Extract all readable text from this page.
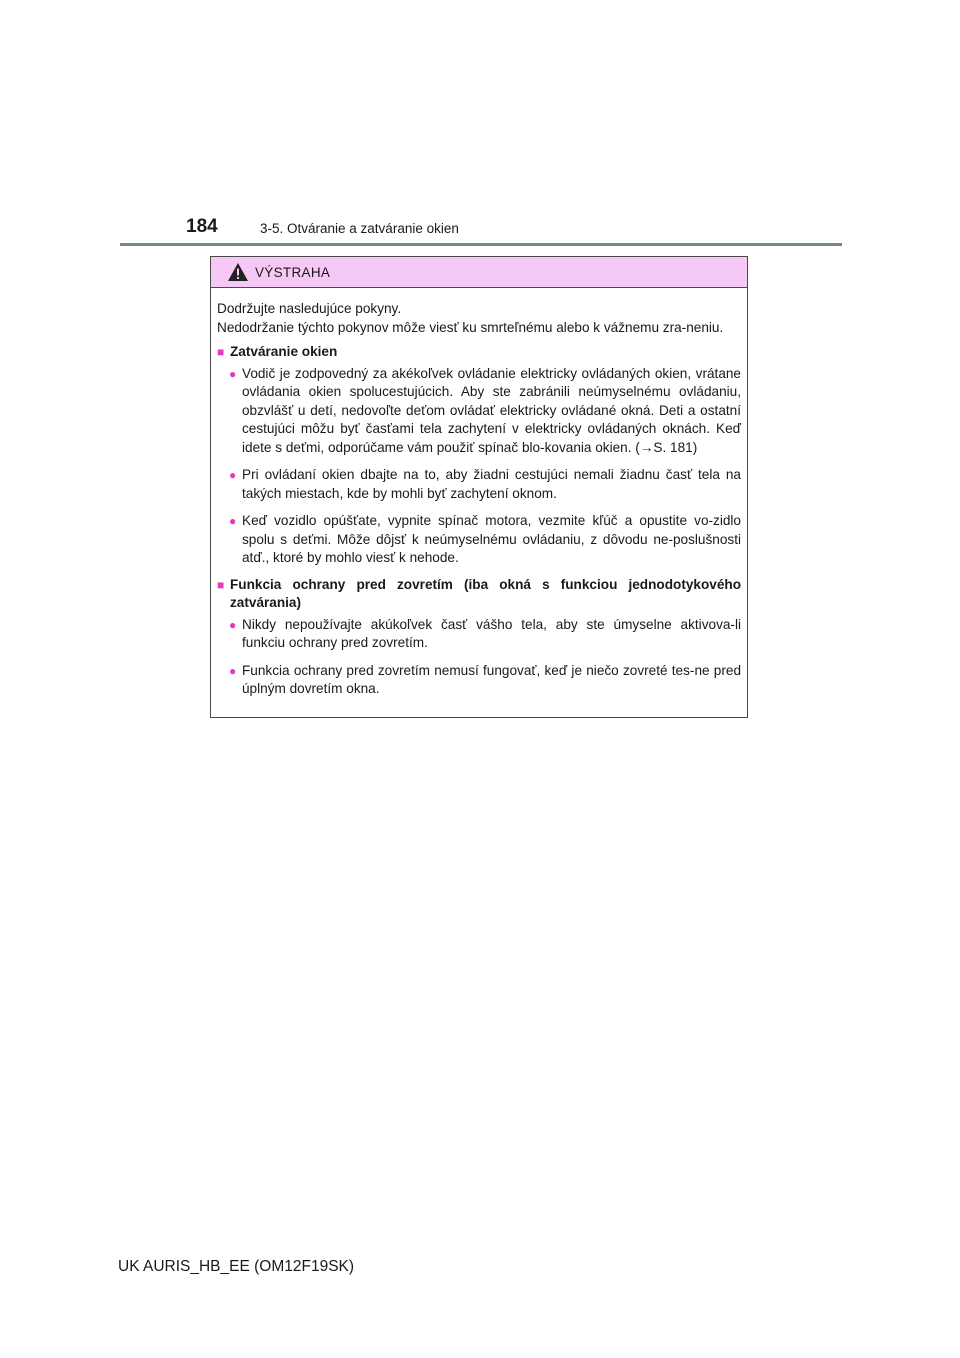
184	3-5. Otváranie a zatváranie okien
VÝSTRAHA

Dodržujte nasledujúce pokyny.

Nedodržanie týchto pokynov môže viesť ku smrteľnému alebo k vážnemu zra-neniu.

■ Zatváranie okien
● Vodič je zodpovedný za akékoľvek ovládanie elektricky ovládaných okien, vrátane ovládania okien spolucestujúcich. Aby ste zabránili neúmyselnému ovládaniu, obzvlášť u detí, nedovoľte deťom ovládať elektricky ovládané okná. Deti a ostatní cestujúci môžu byť časťami tela zachytení v elektricky ovládaných oknách. Keď idete s deťmi, odporúčame vám použiť spínač blo-kovania okien. (→S. 181)
● Pri ovládaní okien dbajte na to, aby žiadni cestujúci nemali žiadnu časť tela na takých miestach, kde by mohli byť zachytení oknom.
● Keď vozidlo opúšťate, vypnite spínač motora, vezmite kľúč a opustite vo-zidlo spolu s deťmi. Môže dôjsť k neúmyselnému ovládaniu, z dôvodu ne-poslušnosti atď., ktoré by mohlo viesť k nehode.
■ Funkcia ochrany pred zovretím (iba okná s funkciou jednodotykového zatvárania)
● Nikdy nepoužívajte akúkoľvek časť vášho tela, aby ste úmyselne aktivova-li funkciu ochrany pred zovretím.
● Funkcia ochrany pred zovretím nemusí fungovať, keď je niečo zovreté tes-ne pred úplným dovretím okna.
UK AURIS_HB_EE (OM12F19SK)
